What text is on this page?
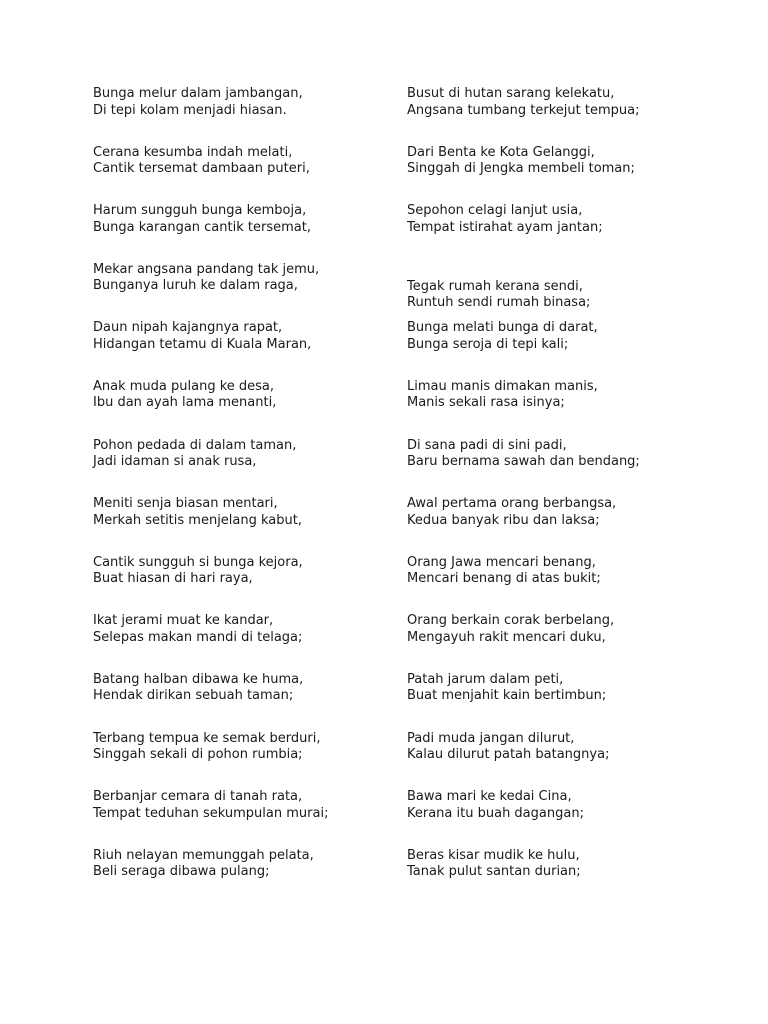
Bunga melur dalam jambangan,
Di tepi kolam menjadi hiasan.
Cerana kesumba indah melati,
Cantik tersemat dambaan puteri,
Harum sungguh bunga kemboja,
Bunga karangan cantik tersemat,
Mekar angsana pandang tak jemu,
Bunganya luruh ke dalam raga,
Daun nipah kajangnya rapat,
Hidangan tetamu di Kuala Maran,
Anak muda pulang ke desa,
Ibu dan ayah lama menanti,
Pohon pedada di dalam taman,
Jadi idaman si anak rusa,
Meniti senja biasan mentari,
Merkah setitis menjelang kabut,
Cantik sungguh si bunga kejora,
Buat hiasan di hari raya,
Ikat jerami muat ke kandar,
Selepas makan mandi di telaga;
Batang halban dibawa ke huma,
Hendak dirikan sebuah taman;
Terbang tempua ke semak berduri,
Singgah sekali di pohon rumbia;
Berbanjar cemara di tanah rata,
Tempat teduhan sekumpulan murai;
Riuh nelayan memunggah pelata,
Beli seraga dibawa pulang;
Busut di hutan sarang kelekatu,
Angsana tumbang terkejut tempua;
Dari Benta ke Kota Gelanggi,
Singgah di Jengka membeli toman;
Sepohon celagi lanjut usia,
Tempat istirahat ayam jantan;
Tegak rumah kerana sendi,
Runtuh sendi rumah binasa;
Bunga melati bunga di darat,
Bunga seroja di tepi kali;
Limau manis dimakan manis,
Manis sekali rasa isinya;
Di sana padi di sini padi,
Baru bernama sawah dan bendang;
Awal pertama orang berbangsa,
Kedua banyak ribu dan laksa;
Orang Jawa mencari benang,
Mencari benang di atas bukit;
Orang berkain corak berbelang,
Mengayuh rakit mencari duku,
Patah jarum dalam peti,
Buat menjahit kain bertimbun;
Padi muda jangan dilurut,
Kalau dilurut patah batangnya;
Bawa mari ke kedai Cina,
Kerana itu buah dagangan;
Beras kisar mudik ke hulu,
Tanak pulut santan durian;
